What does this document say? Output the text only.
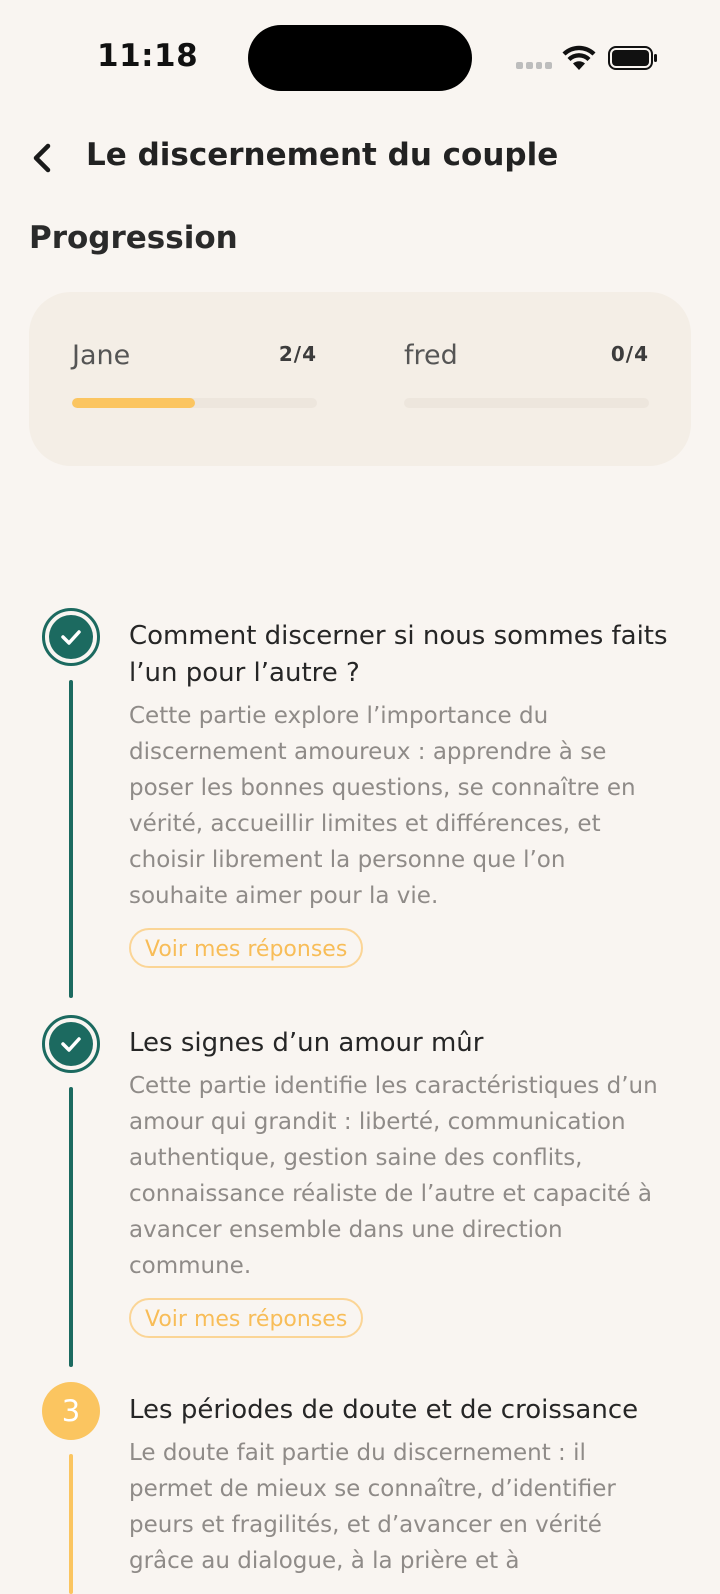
11:18
Le discernement du couple
Progression
Jane	2/4	fred	0/4
Comment discerner si nous sommes faits l’un pour l’autre ?
Cette partie explore l’importance du discernement amoureux : apprendre à se poser les bonnes questions, se connaître en vérité, accueillir limites et différences, et choisir librement la personne que l’on souhaite aimer pour la vie.
Voir mes réponses
Les signes d’un amour mûr
Cette partie identifie les caractéristiques d’un amour qui grandit : liberté, communication authentique, gestion saine des conflits, connaissance réaliste de l’autre et capacité à avancer ensemble dans une direction commune.
Voir mes réponses
3	Les périodes de doute et de croissance
Le doute fait partie du discernement : il permet de mieux se connaître, d’identifier peurs et fragilités, et d’avancer en vérité grâce au dialogue, à la prière et à
